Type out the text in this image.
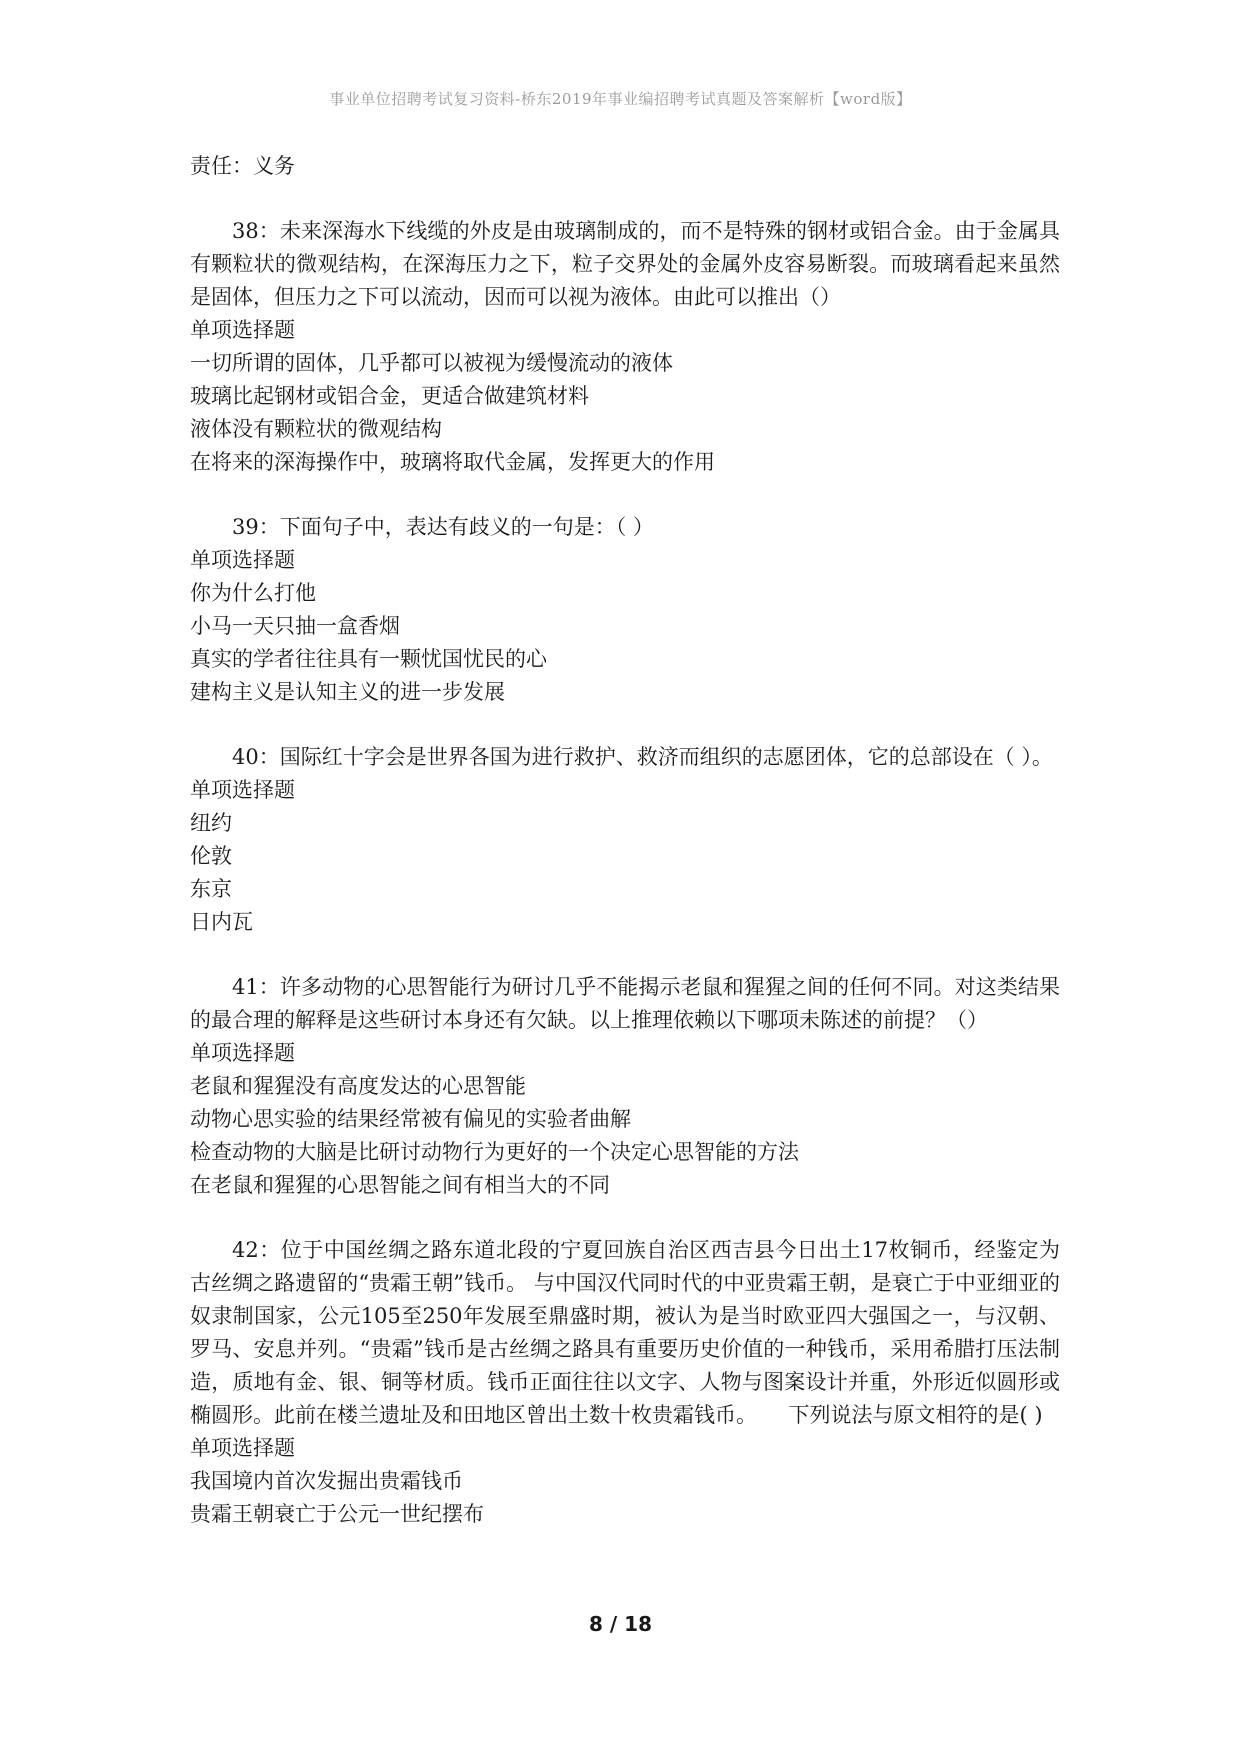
事业单位招聘考试复习资料-桥东2019年事业编招聘考试真题及答案解析【word版】

责任：义务

38：未来深海水下线缆的外皮是由玻璃制成的，而不是特殊的钢材或铝合金。由于金属具有颗粒状的微观结构，在深海压力之下，粒子交界处的金属外皮容易断裂。而玻璃看起来虽然是固体，但压力之下可以流动，因而可以视为液体。由此可以推出（）

单项选择题

一切所谓的固体，几乎都可以被视为缓慢流动的液体

玻璃比起钢材或铝合金，更适合做建筑材料

液体没有颗粒状的微观结构

在将来的深海操作中，玻璃将取代金属，发挥更大的作用

39：下面句子中，表达有歧义的一句是：（ ）

单项选择题

你为什么打他

小马一天只抽一盒香烟

真实的学者往往具有一颗忧国忧民的心

建构主义是认知主义的进一步发展

40：国际红十字会是世界各国为进行救护、救济而组织的志愿团体，它的总部设在（ ）。

单项选择题

纽约

伦敦

东京

日内瓦

41：许多动物的心思智能行为研讨几乎不能揭示老鼠和猩猩之间的任何不同。对这类结果的最合理的解释是这些研讨本身还有欠缺。以上推理依赖以下哪项未陈述的前提？（）

单项选择题

老鼠和猩猩没有高度发达的心思智能

动物心思实验的结果经常被有偏见的实验者曲解

检查动物的大脑是比研讨动物行为更好的一个决定心思智能的方法

在老鼠和猩猩的心思智能之间有相当大的不同

42：位于中国丝绸之路东道北段的宁夏回族自治区西吉县今日出土17枚铜币，经鉴定为古丝绸之路遗留的“贵霜王朝”钱币。 与中国汉代同时代的中亚贵霜王朝，是衰亡于中亚细亚的奴隶制国家，公元105至250年发展至鼎盛时期，被认为是当时欧亚四大强国之一，与汉朝、罗马、安息并列。“贵霜”钱币是古丝绸之路具有重要历史价值的一种钱币，采用希腊打压法制造，质地有金、银、铜等材质。钱币正面往往以文字、人物与图案设计并重，外形近似圆形或椭圆形。此前在楼兰遗址及和田地区曾出土数十枚贵霜钱币。　　下列说法与原文相符的是( )

单项选择题

我国境内首次发掘出贵霜钱币

贵霜王朝衰亡于公元一世纪摆布

8 / 18
